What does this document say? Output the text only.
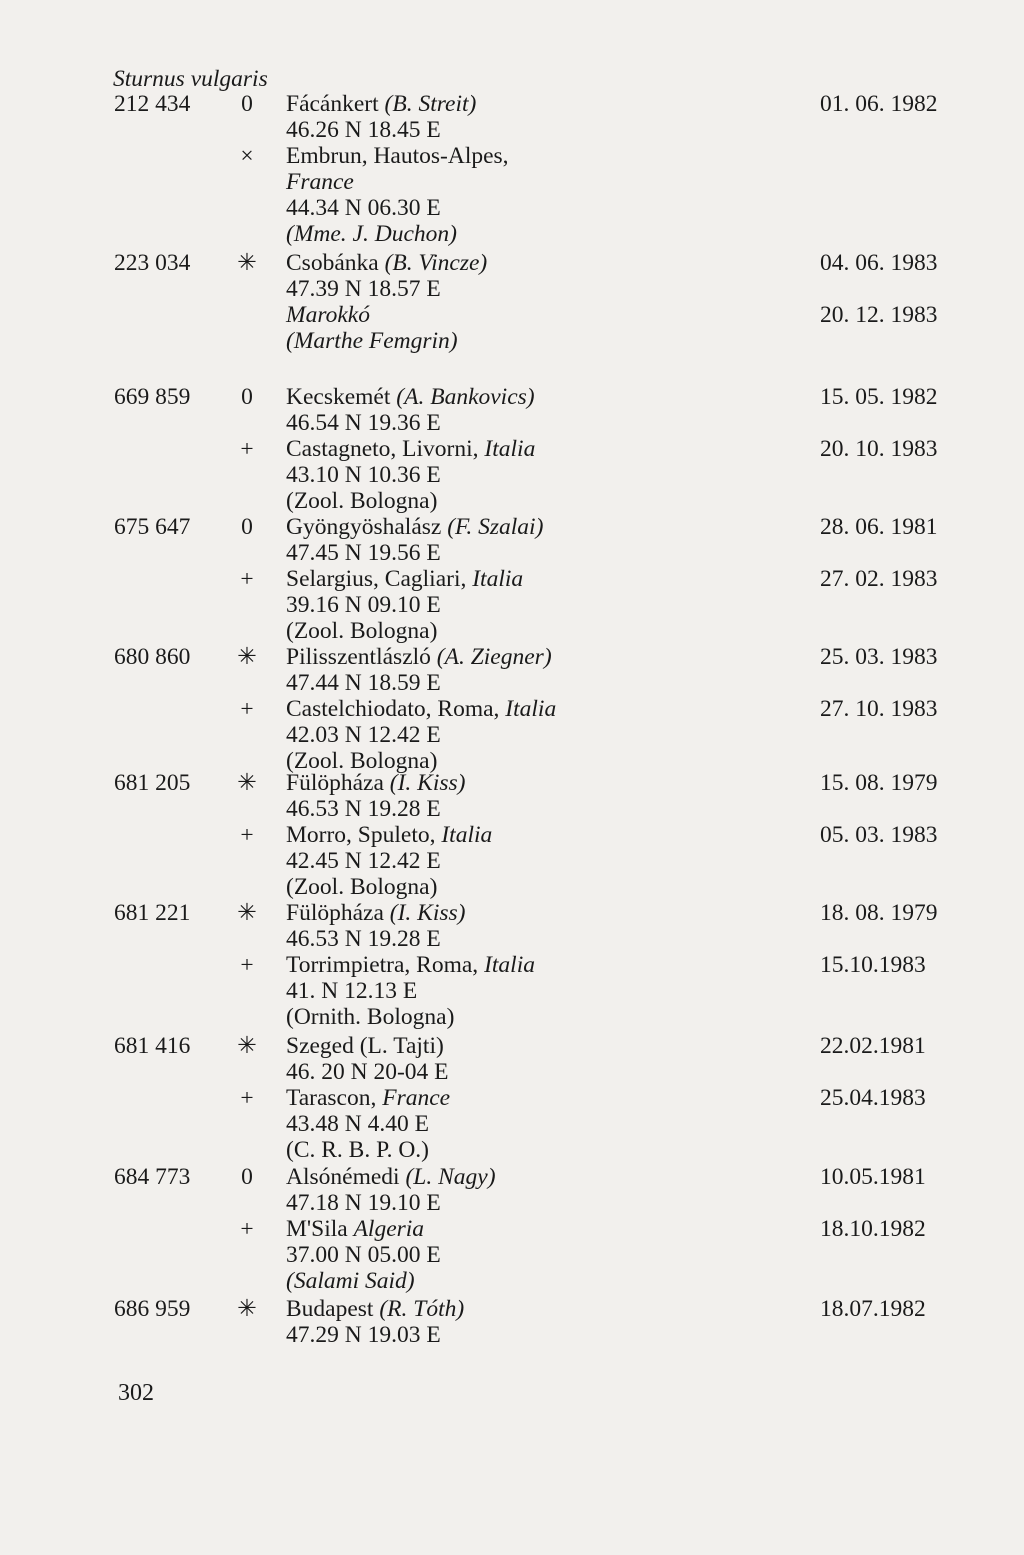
Sturnus vulgaris
212 434 0 Fácánkert (B. Streit)	01. 06. 1982
46.26 N 18.45 E
× Embrun, Hautos-Alpes,
France
44.34 N 06.30 E
(Mme. J. Duchon)
223 034 ✳ Csobánka (B. Vincze)	04. 06. 1983
47.39 N 18.57 E
Marokkó	20. 12. 1983
(Marthe Femgrin)
669 859 0 Kecskemét (A. Bankovics)	15. 05. 1982
46.54 N 19.36 E
+ Castagneto, Livorni, Italia	20. 10. 1983
43.10 N 10.36 E
(Zool. Bologna)
675 647 0 Gyöngyöshalász (F. Szalai)	28. 06. 1981
47.45 N 19.56 E
+ Selargius, Cagliari, Italia	27. 02. 1983
39.16 N 09.10 E
(Zool. Bologna)
680 860 ✳ Pilisszentlászló (A. Ziegner)	25. 03. 1983
47.44 N 18.59 E
+ Castelchiodato, Roma, Italia	27. 10. 1983
42.03 N 12.42 E
(Zool. Bologna)
681 205 ✳ Fülöpháza (I. Kiss)	15. 08. 1979
46.53 N 19.28 E
+ Morro, Spuleto, Italia	05. 03. 1983
42.45 N 12.42 E
(Zool. Bologna)
681 221 ✳ Fülöpháza (I. Kiss)	18. 08. 1979
46.53 N 19.28 E
+ Torrimpietra, Roma, Italia	15.10.1983
41. N 12.13 E
(Ornith. Bologna)
681 416 ✳ Szeged (L. Tajti)	22.02.1981
46. 20 N 20-04 E
+ Tarascon, France	25.04.1983
43.48 N 4.40 E
(C. R. B. P. O.)
684 773 0 Alsónémedi (L. Nagy)	10.05.1981
47.18 N 19.10 E
+ M'Sila Algeria	18.10.1982
37.00 N 05.00 E
(Salami Said)
686 959 ✳ Budapest (R. Tóth)	18.07.1982
47.29 N 19.03 E
302
